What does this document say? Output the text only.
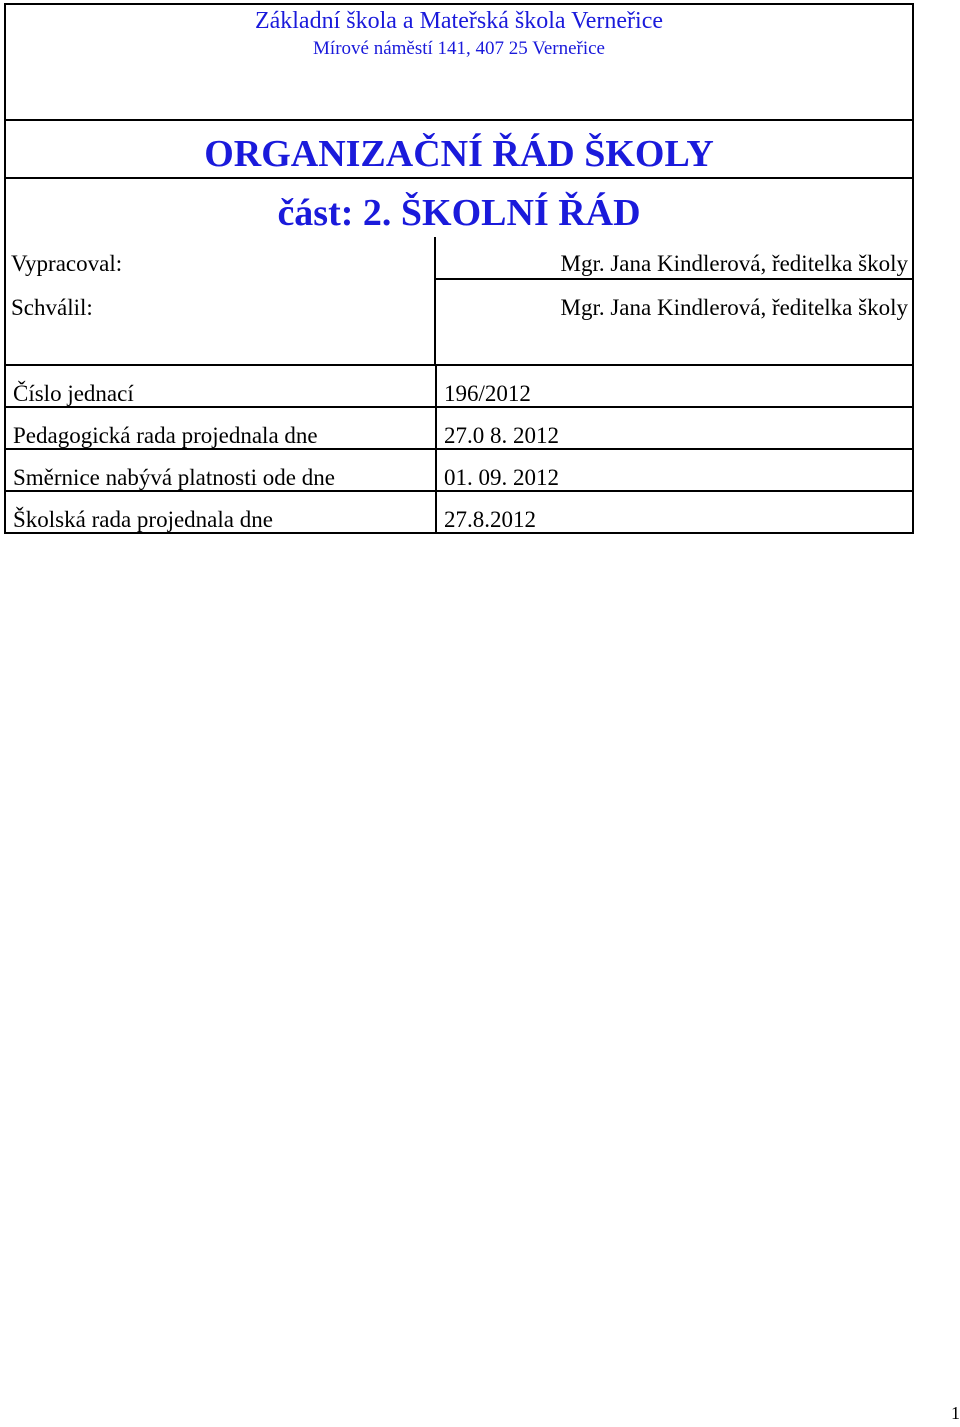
Základní škola a Mateřská škola Verneřice
Mírové náměstí 141, 407 25 Verneřice
ORGANIZAČNÍ ŘÁD ŠKOLY
část: 2. ŠKOLNÍ ŘÁD
Vypracoval:	Mgr. Jana Kindlerová, ředitelka školy
Schválil:	Mgr. Jana Kindlerová, ředitelka školy
Číslo jednací	196/2012
Pedagogická rada projednala dne	27.0 8. 2012
Směrnice nabývá platnosti ode dne	01. 09. 2012
Školská rada projednala dne	27.8.2012
1
